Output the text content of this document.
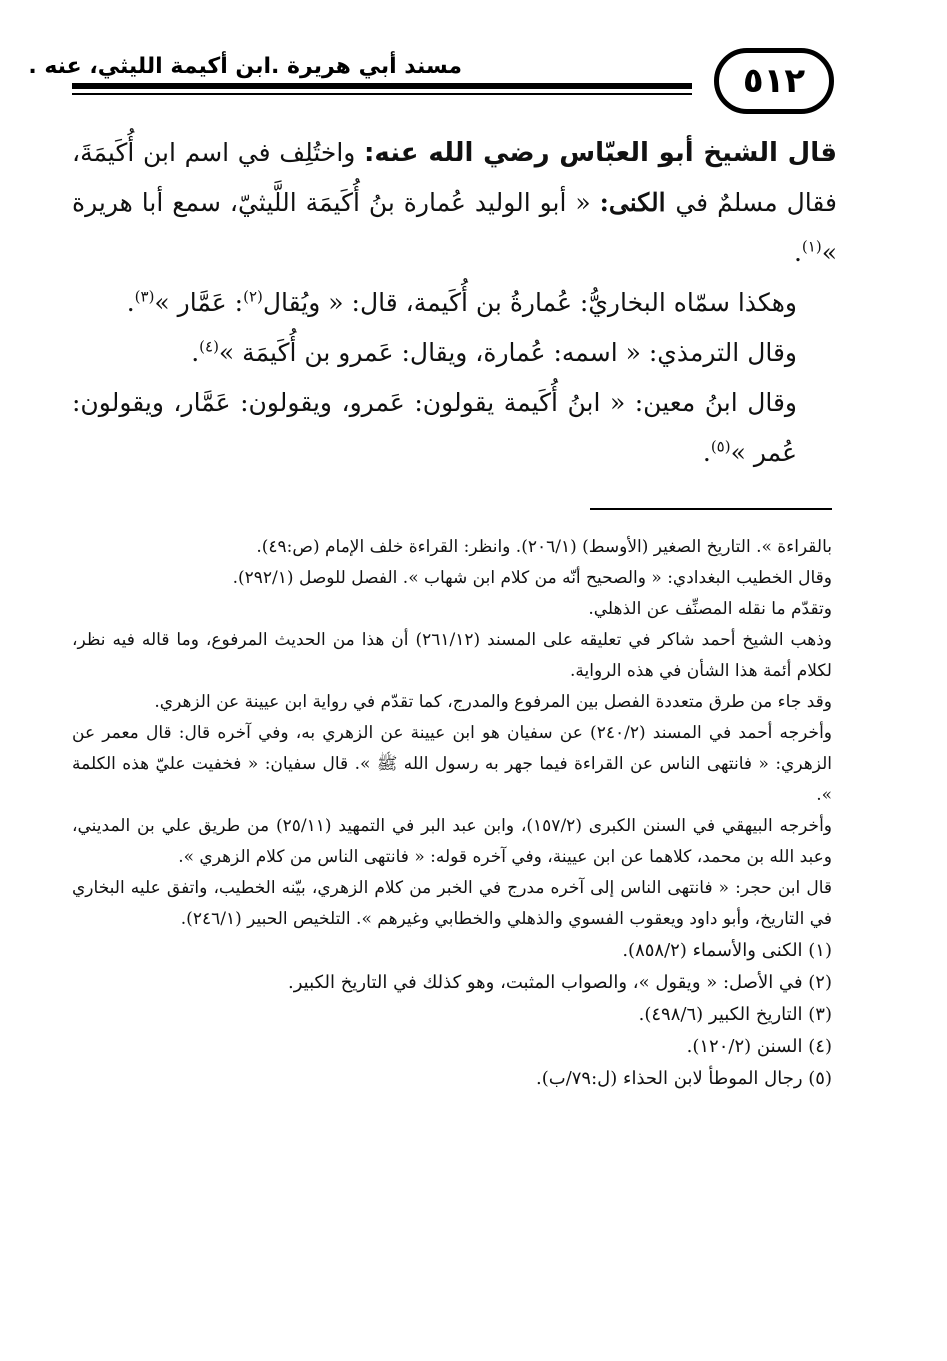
مسند أبي هريرة .ابن أكيمة الليثي، عنه .	٥١٢

قال الشيخ أبو العبّاس رضي الله عنه: واختُلِف في اسم ابن أُكَيمَةَ، فقال مسلمٌ في الكنى: « أبو الوليد عُمارة بنُ أُكَيمَة اللَّيثيّ، سمع أبا هريرة »$^{(١)}$.

وهكذا سمّاه البخاريُّ: عُمارةُ بن أُكَيمة، قال: « ويُقال$^{(٢)}$: عَمَّار »$^{(٣)}$.

وقال الترمذي: « اسمه: عُمارة، ويقال: عَمرو بن أُكَيمَة »$^{(٤)}$.

وقال ابنُ معين: « ابنُ أُكَيمة يقولون: عَمرو، ويقولون: عَمَّار، ويقولون: عُمر »$^{(٥)}$.

بالقراءة ». التاريخ الصغير (الأوسط) (٢٠٦/١). وانظر: القراءة خلف الإمام (ص:٤٩).

وقال الخطيب البغدادي: « والصحيح أنّه من كلام ابن شهاب ». الفصل للوصل (٢٩٢/١).

وتقدّم ما نقله المصنِّف عن الذهلي.

وذهب الشيخ أحمد شاكر في تعليقه على المسند (٢٦١/١٢) أن هذا من الحديث المرفوع، وما قاله فيه نظر، لكلام أئمة هذا الشأن في هذه الرواية.

وقد جاء من طرق متعددة الفصل بين المرفوع والمدرج، كما تقدّم في رواية ابن عيينة عن الزهري.

وأخرجه أحمد في المسند (٢٤٠/٢) عن سفيان هو ابن عيينة عن الزهري به، وفي آخره قال: قال معمر عن الزهري: « فانتهى الناس عن القراءة فيما جهر به رسول الله ﷺ ». قال سفيان: « فخفيت عليّ هذه الكلمة ».

وأخرجه البيهقي في السنن الكبرى (١٥٧/٢)، وابن عبد البر في التمهيد (٢٥/١١) من طريق علي بن المديني، وعبد الله بن محمد، كلاهما عن ابن عيينة، وفي آخره قوله: « فانتهى الناس من كلام الزهري ».

قال ابن حجر: « فانتهى الناس إلى آخره مدرج في الخبر من كلام الزهري، بيّنه الخطيب، واتفق عليه البخاري في التاريخ، وأبو داود ويعقوب الفسوي والذهلي والخطابي وغيرهم ». التلخيص الحبير (٢٤٦/١).

(١) الكنى والأسماء (٨٥٨/٢).

(٢) في الأصل: « ويقول »، والصواب المثبت، وهو كذلك في التاريخ الكبير.

(٣) التاريخ الكبير (٤٩٨/٦).

(٤) السنن (١٢٠/٢).

(٥) رجال الموطأ لابن الحذاء (ل:٧٩/ب).
